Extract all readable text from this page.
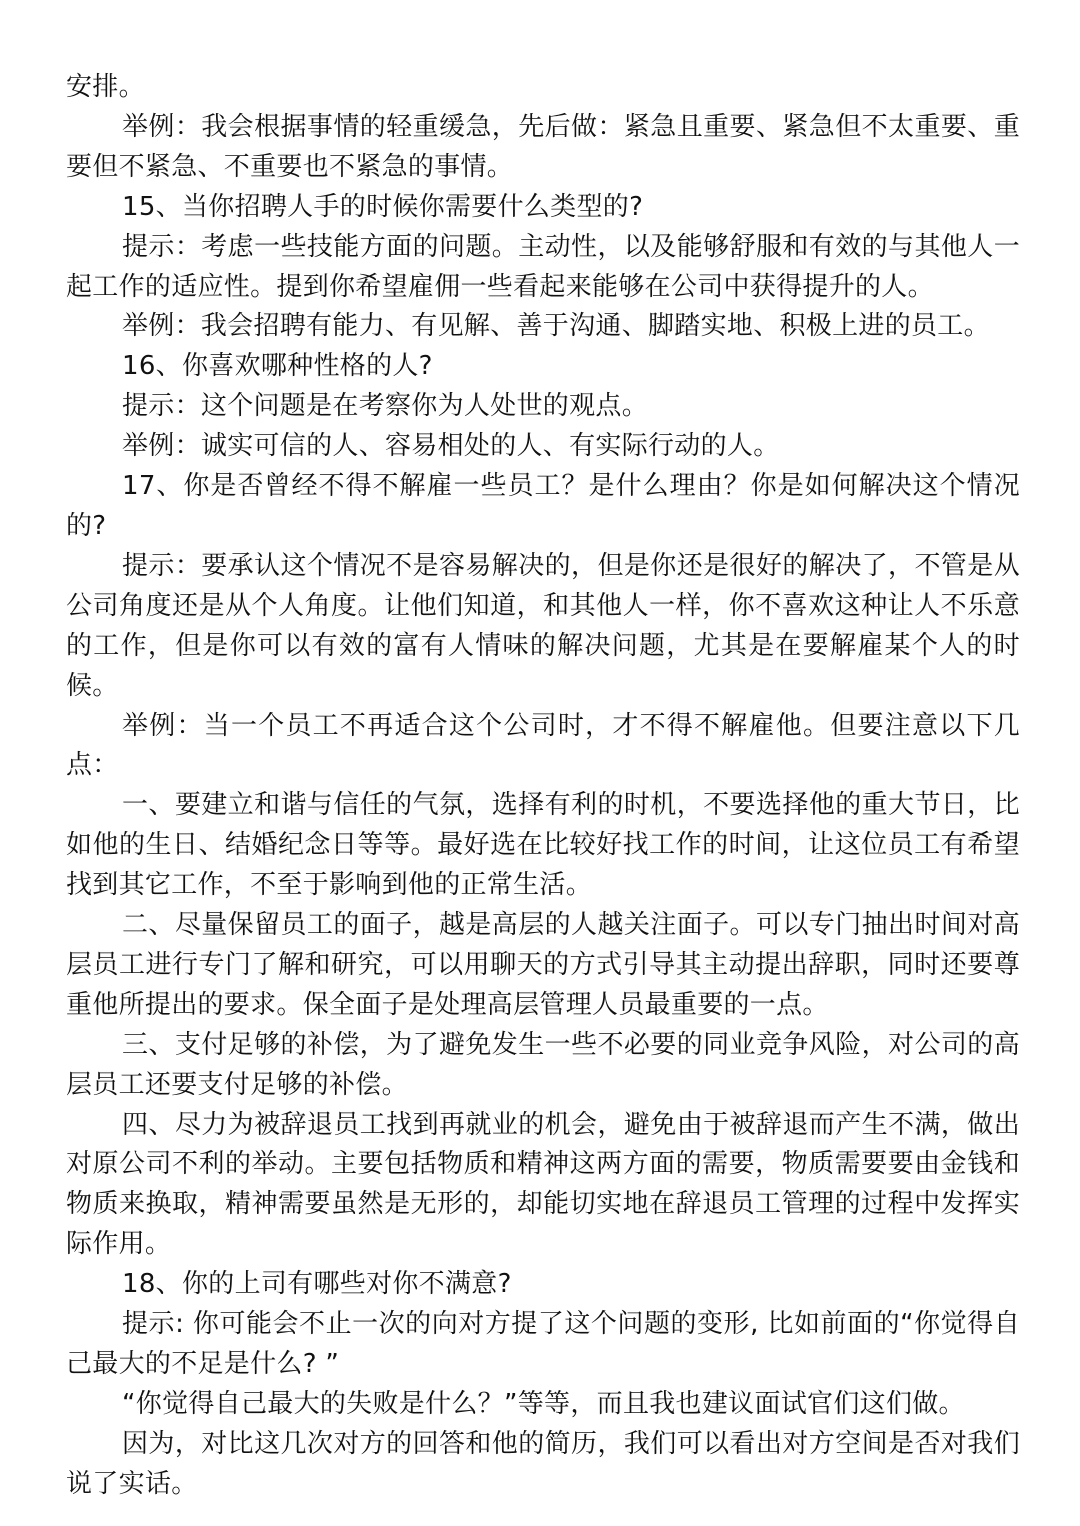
安排。

举例：我会根据事情的轻重缓急，先后做：紧急且重要、紧急但不太重要、重要但不紧急、不重要也不紧急的事情。

15、当你招聘人手的时候你需要什么类型的?

提示：考虑一些技能方面的问题。主动性，以及能够舒服和有效的与其他人一起工作的适应性。提到你希望雇佣一些看起来能够在公司中获得提升的人。

举例：我会招聘有能力、有见解、善于沟通、脚踏实地、积极上进的员工。

16、你喜欢哪种性格的人?

提示：这个问题是在考察你为人处世的观点。

举例：诚实可信的人、容易相处的人、有实际行动的人。

17、你是否曾经不得不解雇一些员工？是什么理由？你是如何解决这个情况的?

提示：要承认这个情况不是容易解决的，但是你还是很好的解决了，不管是从公司角度还是从个人角度。让他们知道，和其他人一样，你不喜欢这种让人不乐意的工作，但是你可以有效的富有人情味的解决问题，尤其是在要解雇某个人的时候。

举例：当一个员工不再适合这个公司时，才不得不解雇他。但要注意以下几点：

一、要建立和谐与信任的气氛，选择有利的时机，不要选择他的重大节日，比如他的生日、结婚纪念日等等。最好选在比较好找工作的时间，让这位员工有希望找到其它工作，不至于影响到他的正常生活。

二、尽量保留员工的面子，越是高层的人越关注面子。可以专门抽出时间对高层员工进行专门了解和研究，可以用聊天的方式引导其主动提出辞职，同时还要尊重他所提出的要求。保全面子是处理高层管理人员最重要的一点。

三、支付足够的补偿，为了避免发生一些不必要的同业竞争风险，对公司的高层员工还要支付足够的补偿。

四、尽力为被辞退员工找到再就业的机会，避免由于被辞退而产生不满，做出对原公司不利的举动。主要包括物质和精神这两方面的需要，物质需要要由金钱和物质来换取，精神需要虽然是无形的，却能切实地在辞退员工管理的过程中发挥实际作用。

18、你的上司有哪些对你不满意?

提示: 你可能会不止一次的向对方提了这个问题的变形, 比如前面的“你觉得自己最大的不足是什么? ”

“你觉得自己最大的失败是什么？”等等，而且我也建议面试官们这们做。

因为，对比这几次对方的回答和他的简历，我们可以看出对方空间是否对我们说了实话。
